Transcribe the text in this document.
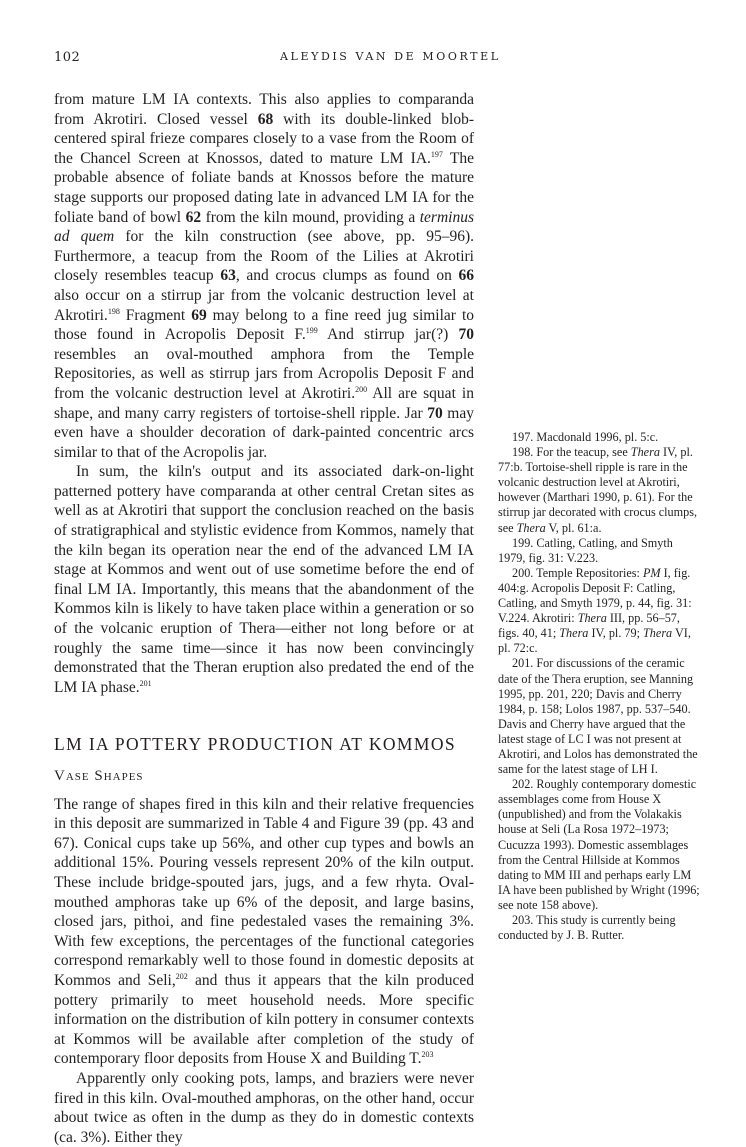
102	ALEYDIS VAN DE MOORTEL

from mature LM IA contexts. This also applies to comparanda from Akrotiri. Closed vessel 68 with its double-linked blob-centered spiral frieze compares closely to a vase from the Room of the Chancel Screen at Knossos, dated to mature LM IA.$^{197}$ The probable absence of foliate bands at Knossos before the mature stage supports our proposed dating late in advanced LM IA for the foliate band of bowl 62 from the kiln mound, providing a terminus ad quem for the kiln construction (see above, pp. 95–96). Furthermore, a teacup from the Room of the Lilies at Akrotiri closely resembles teacup 63, and crocus clumps as found on 66 also occur on a stirrup jar from the volcanic destruction level at Akrotiri.$^{198}$ Fragment 69 may belong to a fine reed jug similar to those found in Acropolis Deposit F.$^{199}$ And stirrup jar(?) 70 resembles an oval-mouthed amphora from the Temple Repositories, as well as stirrup jars from Acropolis Deposit F and from the volcanic destruction level at Akrotiri.$^{200}$ All are squat in shape, and many carry registers of tortoise-shell ripple. Jar 70 may even have a shoulder decoration of dark-painted concentric arcs similar to that of the Acropolis jar.

In sum, the kiln's output and its associated dark-on-light patterned pottery have comparanda at other central Cretan sites as well as at Akrotiri that support the conclusion reached on the basis of stratigraphical and stylistic evidence from Kommos, namely that the kiln began its operation near the end of the advanced LM IA stage at Kommos and went out of use sometime before the end of final LM IA. Importantly, this means that the abandonment of the Kommos kiln is likely to have taken place within a generation or so of the volcanic eruption of Thera—either not long before or at roughly the same time—since it has now been convincingly demonstrated that the Theran eruption also predated the end of the LM IA phase.$^{201}$

LM IA POTTERY PRODUCTION AT KOMMOS
Vase Shapes

The range of shapes fired in this kiln and their relative frequencies in this deposit are summarized in Table 4 and Figure 39 (pp. 43 and 67). Conical cups take up 56%, and other cup types and bowls an additional 15%. Pouring vessels represent 20% of the kiln output. These include bridge-spouted jars, jugs, and a few rhyta. Oval-mouthed amphoras take up 6% of the deposit, and large basins, closed jars, pithoi, and fine pedestaled vases the remaining 3%. With few exceptions, the percentages of the functional categories correspond remarkably well to those found in domestic deposits at Kommos and Seli,$^{202}$ and thus it appears that the kiln produced pottery primarily to meet household needs. More specific information on the distribution of kiln pottery in consumer contexts at Kommos will be available after completion of the study of contemporary floor deposits from House X and Building T.$^{203}$

Apparently only cooking pots, lamps, and braziers were never fired in this kiln. Oval-mouthed amphoras, on the other hand, occur about twice as often in the dump as they do in domestic contexts (ca. 3%). Either they

197. Macdonald 1996, pl. 5:c.

198. For the teacup, see Thera IV, pl. 77:b. Tortoise-shell ripple is rare in the volcanic destruction level at Akrotiri, however (Marthari 1990, p. 61). For the stirrup jar decorated with crocus clumps, see Thera V, pl. 61:a.

199. Catling, Catling, and Smyth 1979, fig. 31: V.223.

200. Temple Repositories: PM I, fig. 404:g. Acropolis Deposit F: Catling, Catling, and Smyth 1979, p. 44, fig. 31: V.224. Akrotiri: Thera III, pp. 56–57, figs. 40, 41; Thera IV, pl. 79; Thera VI, pl. 72:c.

201. For discussions of the ceramic date of the Thera eruption, see Manning 1995, pp. 201, 220; Davis and Cherry 1984, p. 158; Lolos 1987, pp. 537–540. Davis and Cherry have argued that the latest stage of LC I was not present at Akrotiri, and Lolos has demonstrated the same for the latest stage of LH I.

202. Roughly contemporary domestic assemblages come from House X (unpublished) and from the Volakakis house at Seli (La Rosa 1972–1973; Cucuzza 1993). Domestic assemblages from the Central Hillside at Kommos dating to MM III and perhaps early LM IA have been published by Wright (1996; see note 158 above).

203. This study is currently being conducted by J. B. Rutter.
